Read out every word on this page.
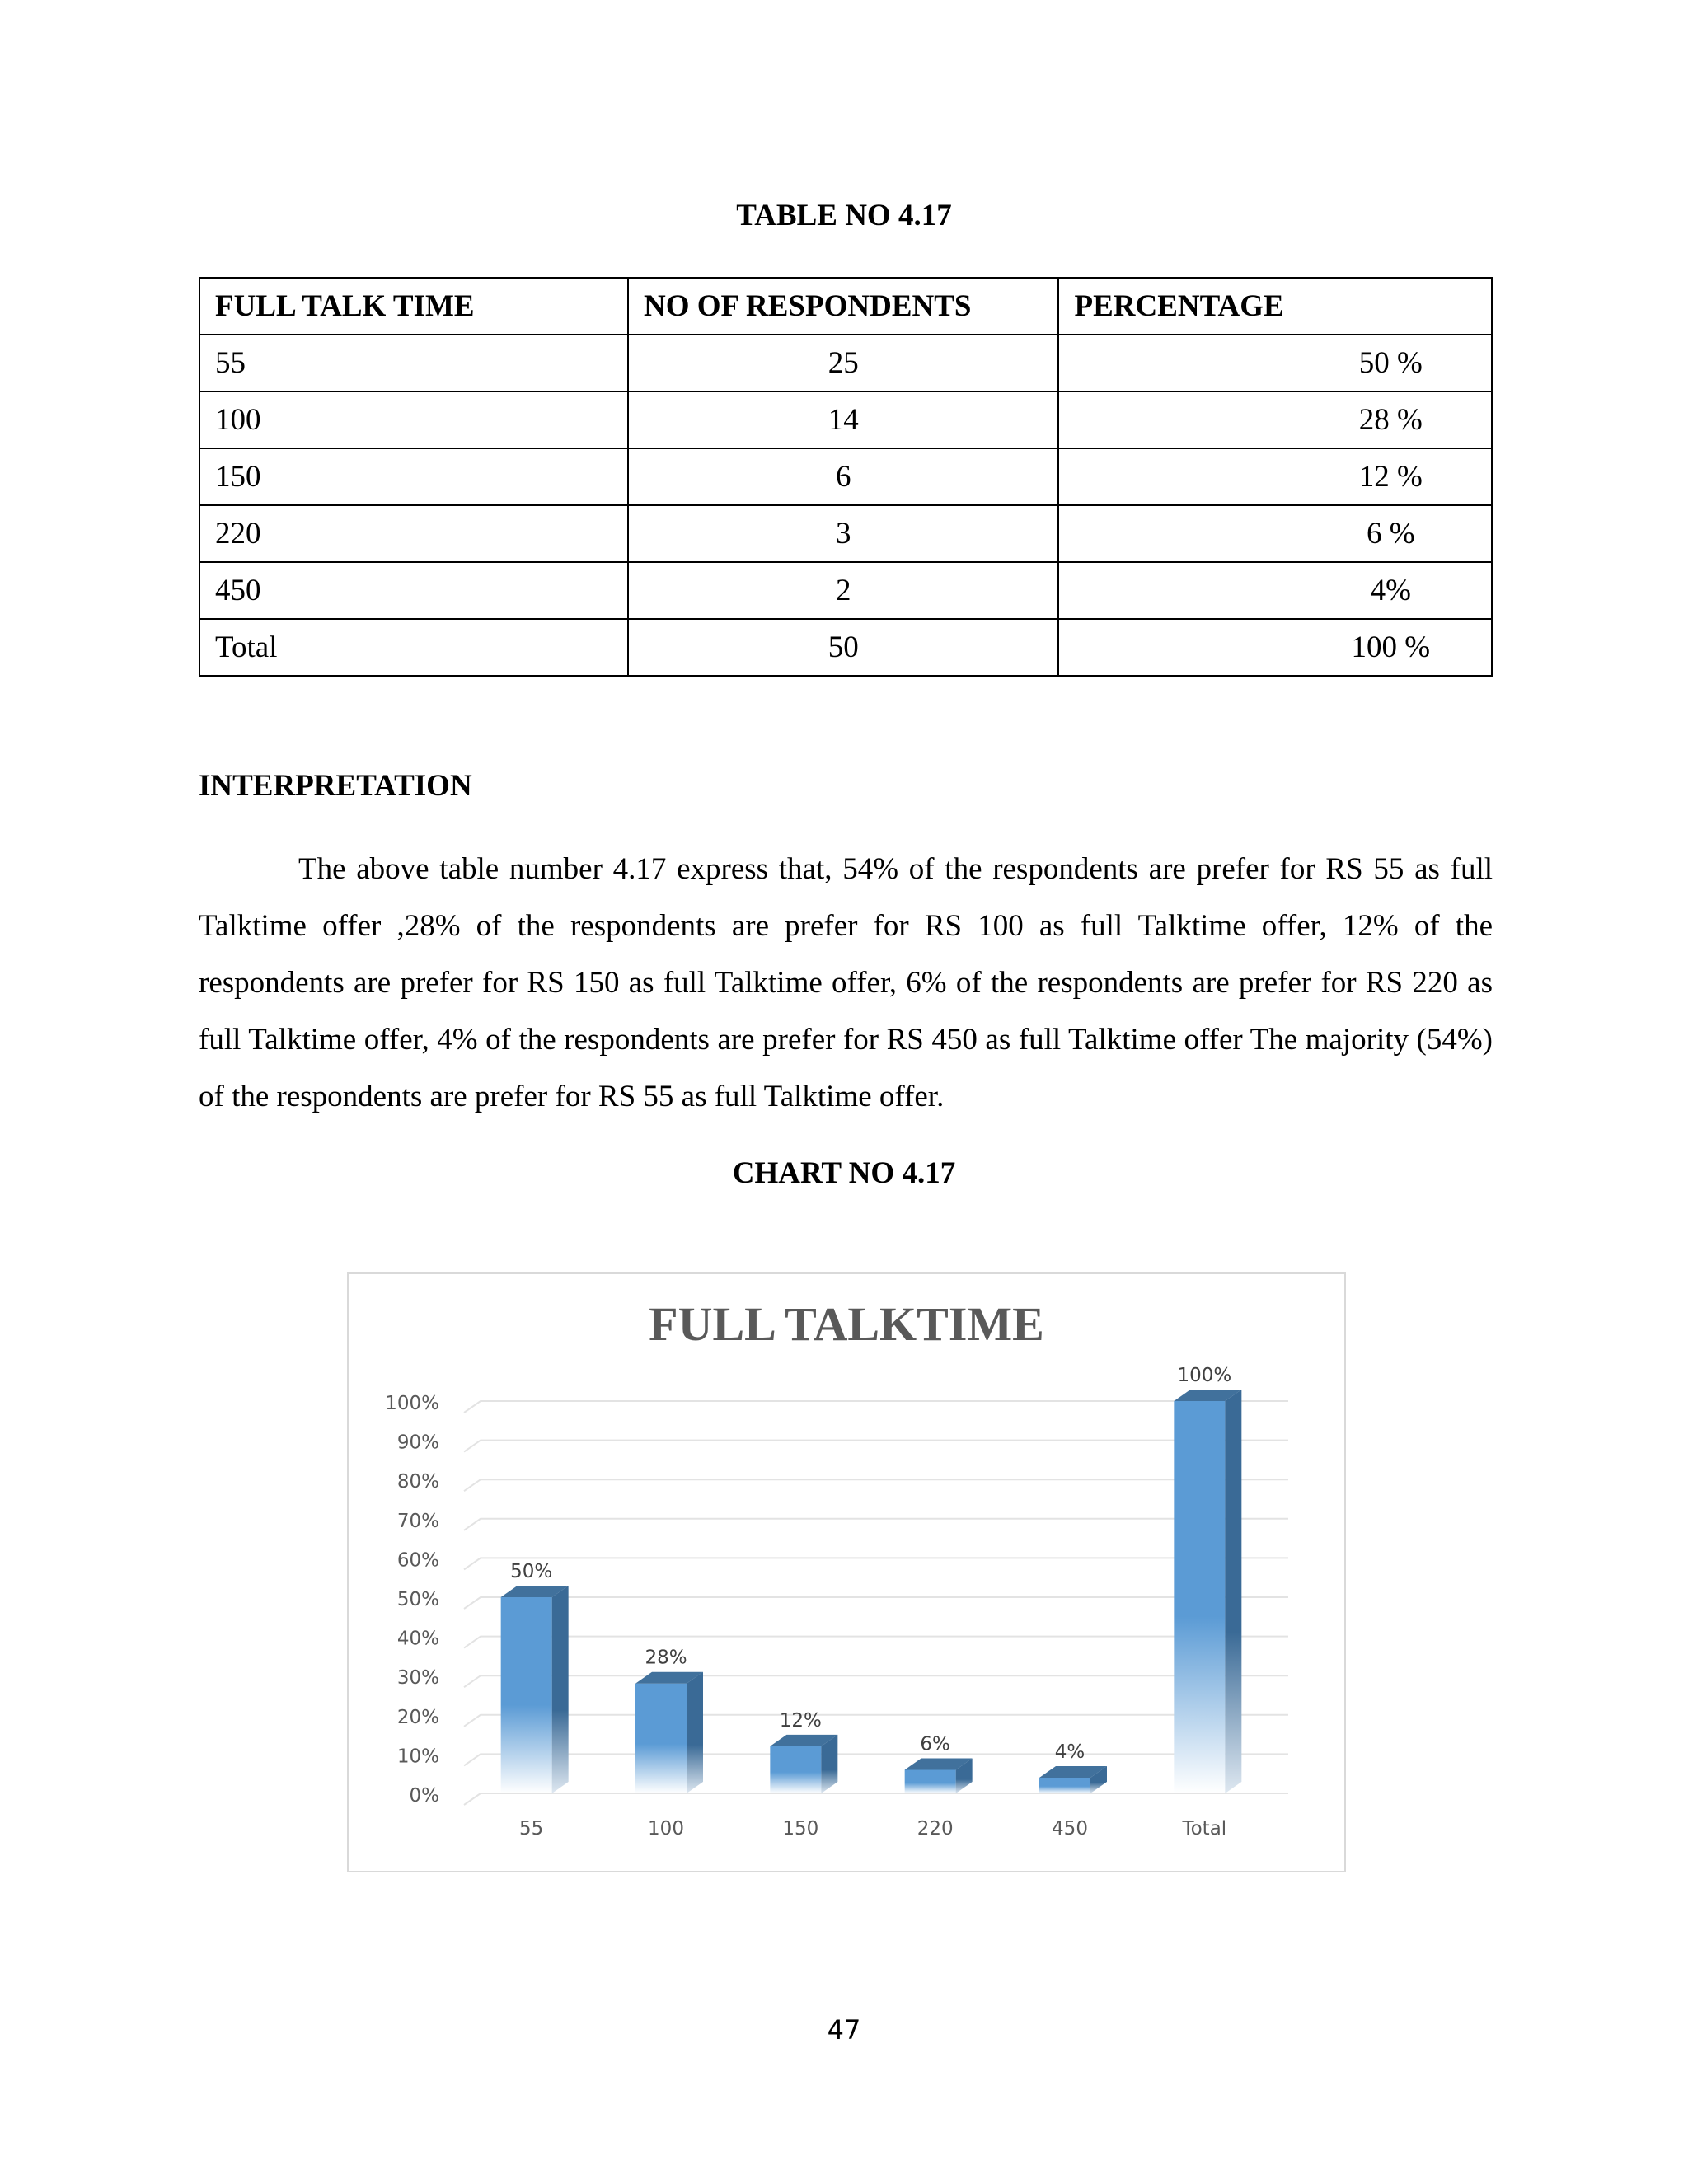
TABLE NO 4.17
FULL TALK TIME	NO OF RESPONDENTS	PERCENTAGE
55	25	50 %
100	14	28 %
150	6	12 %
220	3	6 %
450	2	4%
Total	50	100 %
INTERPRETATION

The above table number 4.17 express that, 54% of the respondents are prefer for RS 55 as full Talktime offer ,28% of the respondents are prefer for RS 100 as full Talktime offer, 12% of the respondents are prefer for RS 150 as full Talktime offer, 6% of the respondents are prefer for RS 220 as full Talktime offer, 4% of the respondents are prefer for RS 450 as full Talktime offer The majority (54%) of the respondents are prefer for RS 55 as full Talktime offer.

CHART NO 4.17
FULL TALKTIME
0%
10%
20%
30%
40%
50%
60%
70%
80%
90%
100%
50%
55
28%
100
12%
150
6%
220
4%
450
100%
Total
47
